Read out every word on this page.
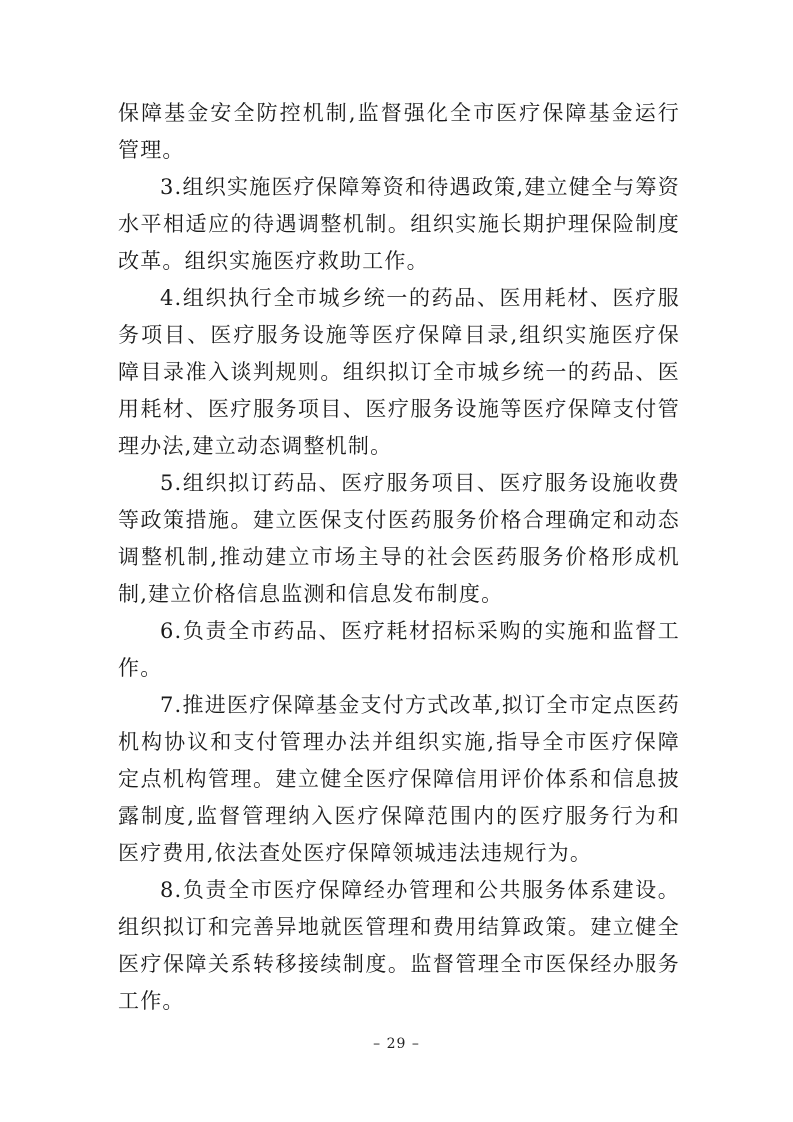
保障基金安全防控机制,监督强化全市医疗保障基金运行管理。

3.组织实施医疗保障筹资和待遇政策,建立健全与筹资水平相适应的待遇调整机制。组织实施长期护理保险制度改革。组织实施医疗救助工作。

4.组织执行全市城乡统一的药品、医用耗材、医疗服务项目、医疗服务设施等医疗保障目录,组织实施医疗保障目录准入谈判规则。组织拟订全市城乡统一的药品、医用耗材、医疗服务项目、医疗服务设施等医疗保障支付管理办法,建立动态调整机制。

5.组织拟订药品、医疗服务项目、医疗服务设施收费等政策措施。建立医保支付医药服务价格合理确定和动态调整机制,推动建立市场主导的社会医药服务价格形成机制,建立价格信息监测和信息发布制度。

6.负责全市药品、医疗耗材招标采购的实施和监督工作。

7.推进医疗保障基金支付方式改革,拟订全市定点医药机构协议和支付管理办法并组织实施,指导全市医疗保障定点机构管理。建立健全医疗保障信用评价体系和信息披露制度,监督管理纳入医疗保障范围内的医疗服务行为和医疗费用,依法查处医疗保障领城违法违规行为。

8.负责全市医疗保障经办管理和公共服务体系建设。组织拟订和完善异地就医管理和费用结算政策。建立健全医疗保障关系转移接续制度。监督管理全市医保经办服务工作。

– 29 –
